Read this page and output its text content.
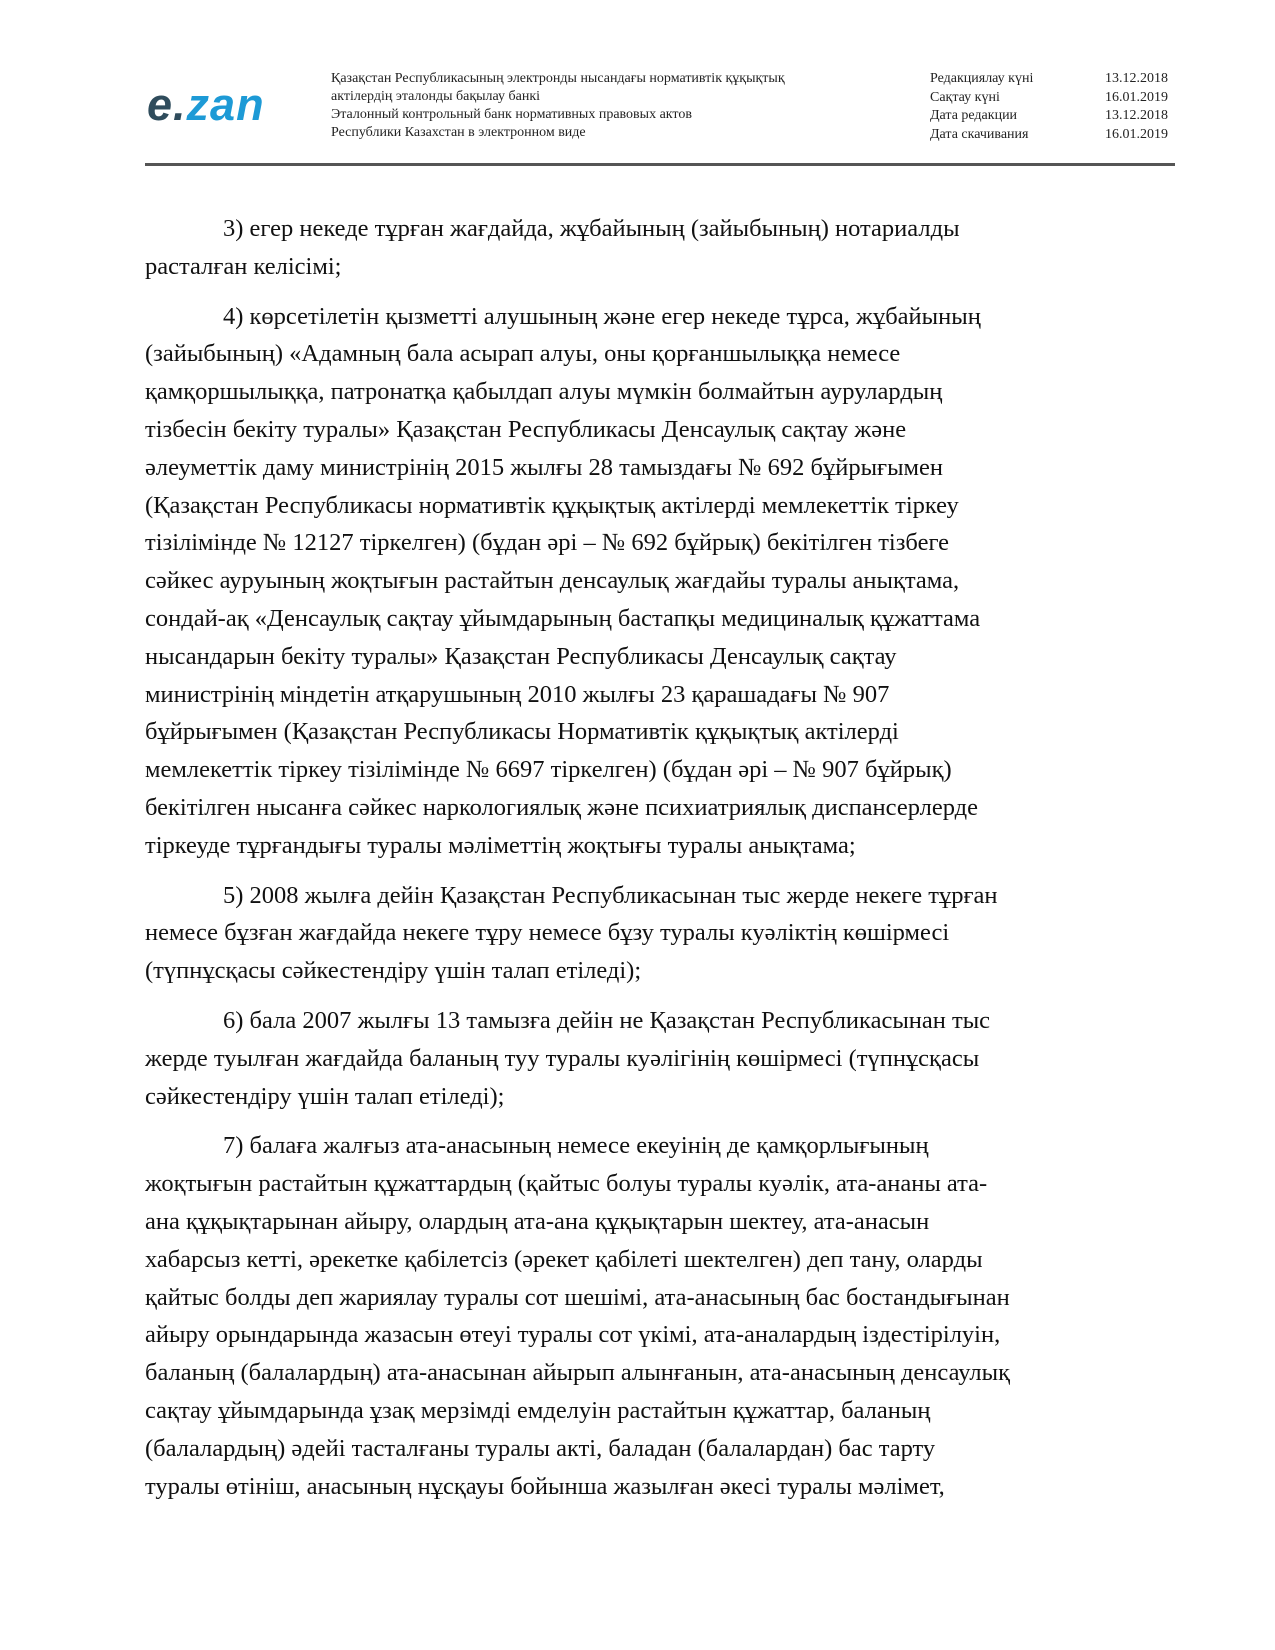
e.zan
Қазақстан Республикасының электронды нысандағы нормативтік құқықтық
актілердің эталонды бақылау банкі
Эталонный контрольный банк нормативных правовых актов
Республики Казахстан в электронном виде
Редакциялау күні	13.12.2018
Сақтау күні	16.01.2019
Дата редакции	13.12.2018
Дата скачивания	16.01.2019
3) егер некеде тұрған жағдайда, жұбайының (зайыбының) нотариалды
расталған келісімі;
4) көрсетілетін қызметті алушының және егер некеде тұрса, жұбайының
(зайыбының) «Адамның бала асырап алуы, оны қорғаншылыққа немесе
қамқоршылыққа, патронатқа қабылдап алуы мүмкін болмайтын аурулардың
тізбесін бекіту туралы» Қазақстан Республикасы Денсаулық сақтау және
әлеуметтік даму министрінің 2015 жылғы 28 тамыздағы № 692 бұйрығымен
(Қазақстан Республикасы нормативтік құқықтық актілерді мемлекеттік тіркеу
тізілімінде № 12127 тіркелген) (бұдан әрі – № 692 бұйрық) бекітілген тізбеге
сәйкес ауруының жоқтығын растайтын денсаулық жағдайы туралы анықтама,
сондай-ақ «Денсаулық сақтау ұйымдарының бастапқы медициналық құжаттама
нысандарын бекіту туралы» Қазақстан Республикасы Денсаулық сақтау
министрінің міндетін атқарушының 2010 жылғы 23 қарашадағы № 907
бұйрығымен (Қазақстан Республикасы Нормативтік құқықтық актілерді
мемлекеттік тіркеу тізілімінде № 6697 тіркелген) (бұдан әрі – № 907 бұйрық)
бекітілген нысанға сәйкес наркологиялық және психиатриялық диспансерлерде
тіркеуде тұрғандығы туралы мәліметтің жоқтығы туралы анықтама;
5) 2008 жылға дейін Қазақстан Республикасынан тыс жерде некеге тұрған
немесе бұзған жағдайда некеге тұру немесе бұзу туралы куәліктің көшірмесі
(түпнұсқасы сәйкестендіру үшін талап етіледі);
6) бала 2007 жылғы 13 тамызға дейін не Қазақстан Республикасынан тыс
жерде туылған жағдайда баланың туу туралы куәлігінің көшірмесі (түпнұсқасы
сәйкестендіру үшін талап етіледі);
7) балаға жалғыз ата-анасының немесе екеуінің де қамқорлығының
жоқтығын растайтын құжаттардың (қайтыс болуы туралы куәлік, ата-ананы ата-
ана құқықтарынан айыру, олардың ата-ана құқықтарын шектеу, ата-анасын
хабарсыз кетті, әрекетке қабілетсіз (әрекет қабілеті шектелген) деп тану, оларды
қайтыс болды деп жариялау туралы сот шешімі, ата-анасының бас бостандығынан
айыру орындарында жазасын өтеуі туралы сот үкімі, ата-аналардың іздестірілуін,
баланың (балалардың) ата-анасынан айырып алынғанын, ата-анасының денсаулық
сақтау ұйымдарында ұзақ мерзімді емделуін растайтын құжаттар, баланың
(балалардың) әдейі тасталғаны туралы акті, баладан (балалардан) бас тарту
туралы өтініш, анасының нұсқауы бойынша жазылған әкесі туралы мәлімет,
